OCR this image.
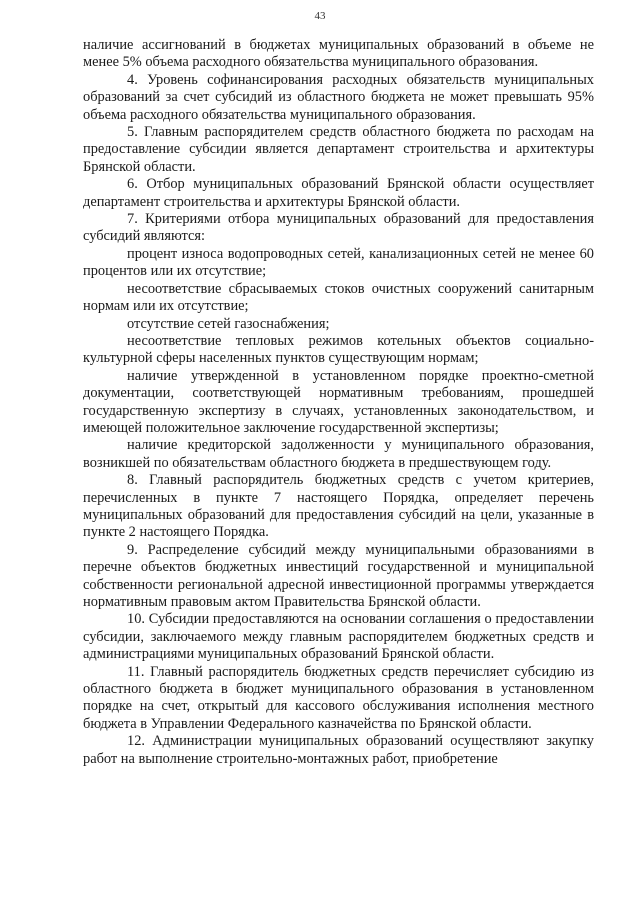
43

наличие ассигнований в бюджетах муниципальных образований в объеме не менее 5% объема расходного обязательства муниципального образования.

4. Уровень софинансирования расходных обязательств муниципальных образований за счет субсидий из областного бюджета не может превышать 95% объема расходного обязательства муниципального образования.

5. Главным распорядителем средств областного бюджета по расходам на предоставление субсидии является департамент строительства и архитектуры Брянской области.

6. Отбор муниципальных образований Брянской области осуществляет департамент строительства и архитектуры Брянской области.

7. Критериями отбора муниципальных образований для предоставления субсидий являются:

процент износа водопроводных сетей, канализационных сетей не менее 60 процентов или их отсутствие;

несоответствие сбрасываемых стоков очистных сооружений санитарным нормам или их отсутствие;

отсутствие сетей газоснабжения;

несоответствие тепловых режимов котельных объектов социально-культурной сферы населенных пунктов существующим нормам;

наличие утвержденной в установленном порядке проектно-сметной документации, соответствующей нормативным требованиям, прошедшей государственную экспертизу в случаях, установленных законодательством, и имеющей положительное заключение государственной экспертизы;

наличие кредиторской задолженности у муниципального образования, возникшей по обязательствам областного бюджета в предшествующем году.

8. Главный распорядитель бюджетных средств с учетом критериев, перечисленных в пункте 7 настоящего Порядка, определяет перечень муниципальных образований для предоставления субсидий на цели, указанные в пункте 2 настоящего Порядка.

9. Распределение субсидий между муниципальными образованиями в перечне объектов бюджетных инвестиций государственной и муниципальной собственности региональной адресной инвестиционной программы утверждается нормативным правовым актом Правительства Брянской области.

10. Субсидии предоставляются на основании соглашения о предоставлении субсидии, заключаемого между главным распорядителем бюджетных средств и администрациями муниципальных образований Брянской области.

11. Главный распорядитель бюджетных средств перечисляет субсидию из областного бюджета в бюджет муниципального образования в установленном порядке на счет, открытый для кассового обслуживания исполнения местного бюджета в Управлении Федерального казначейства по Брянской области.

12. Администрации муниципальных образований осуществляют закупку работ на выполнение строительно-монтажных работ, приобретение
